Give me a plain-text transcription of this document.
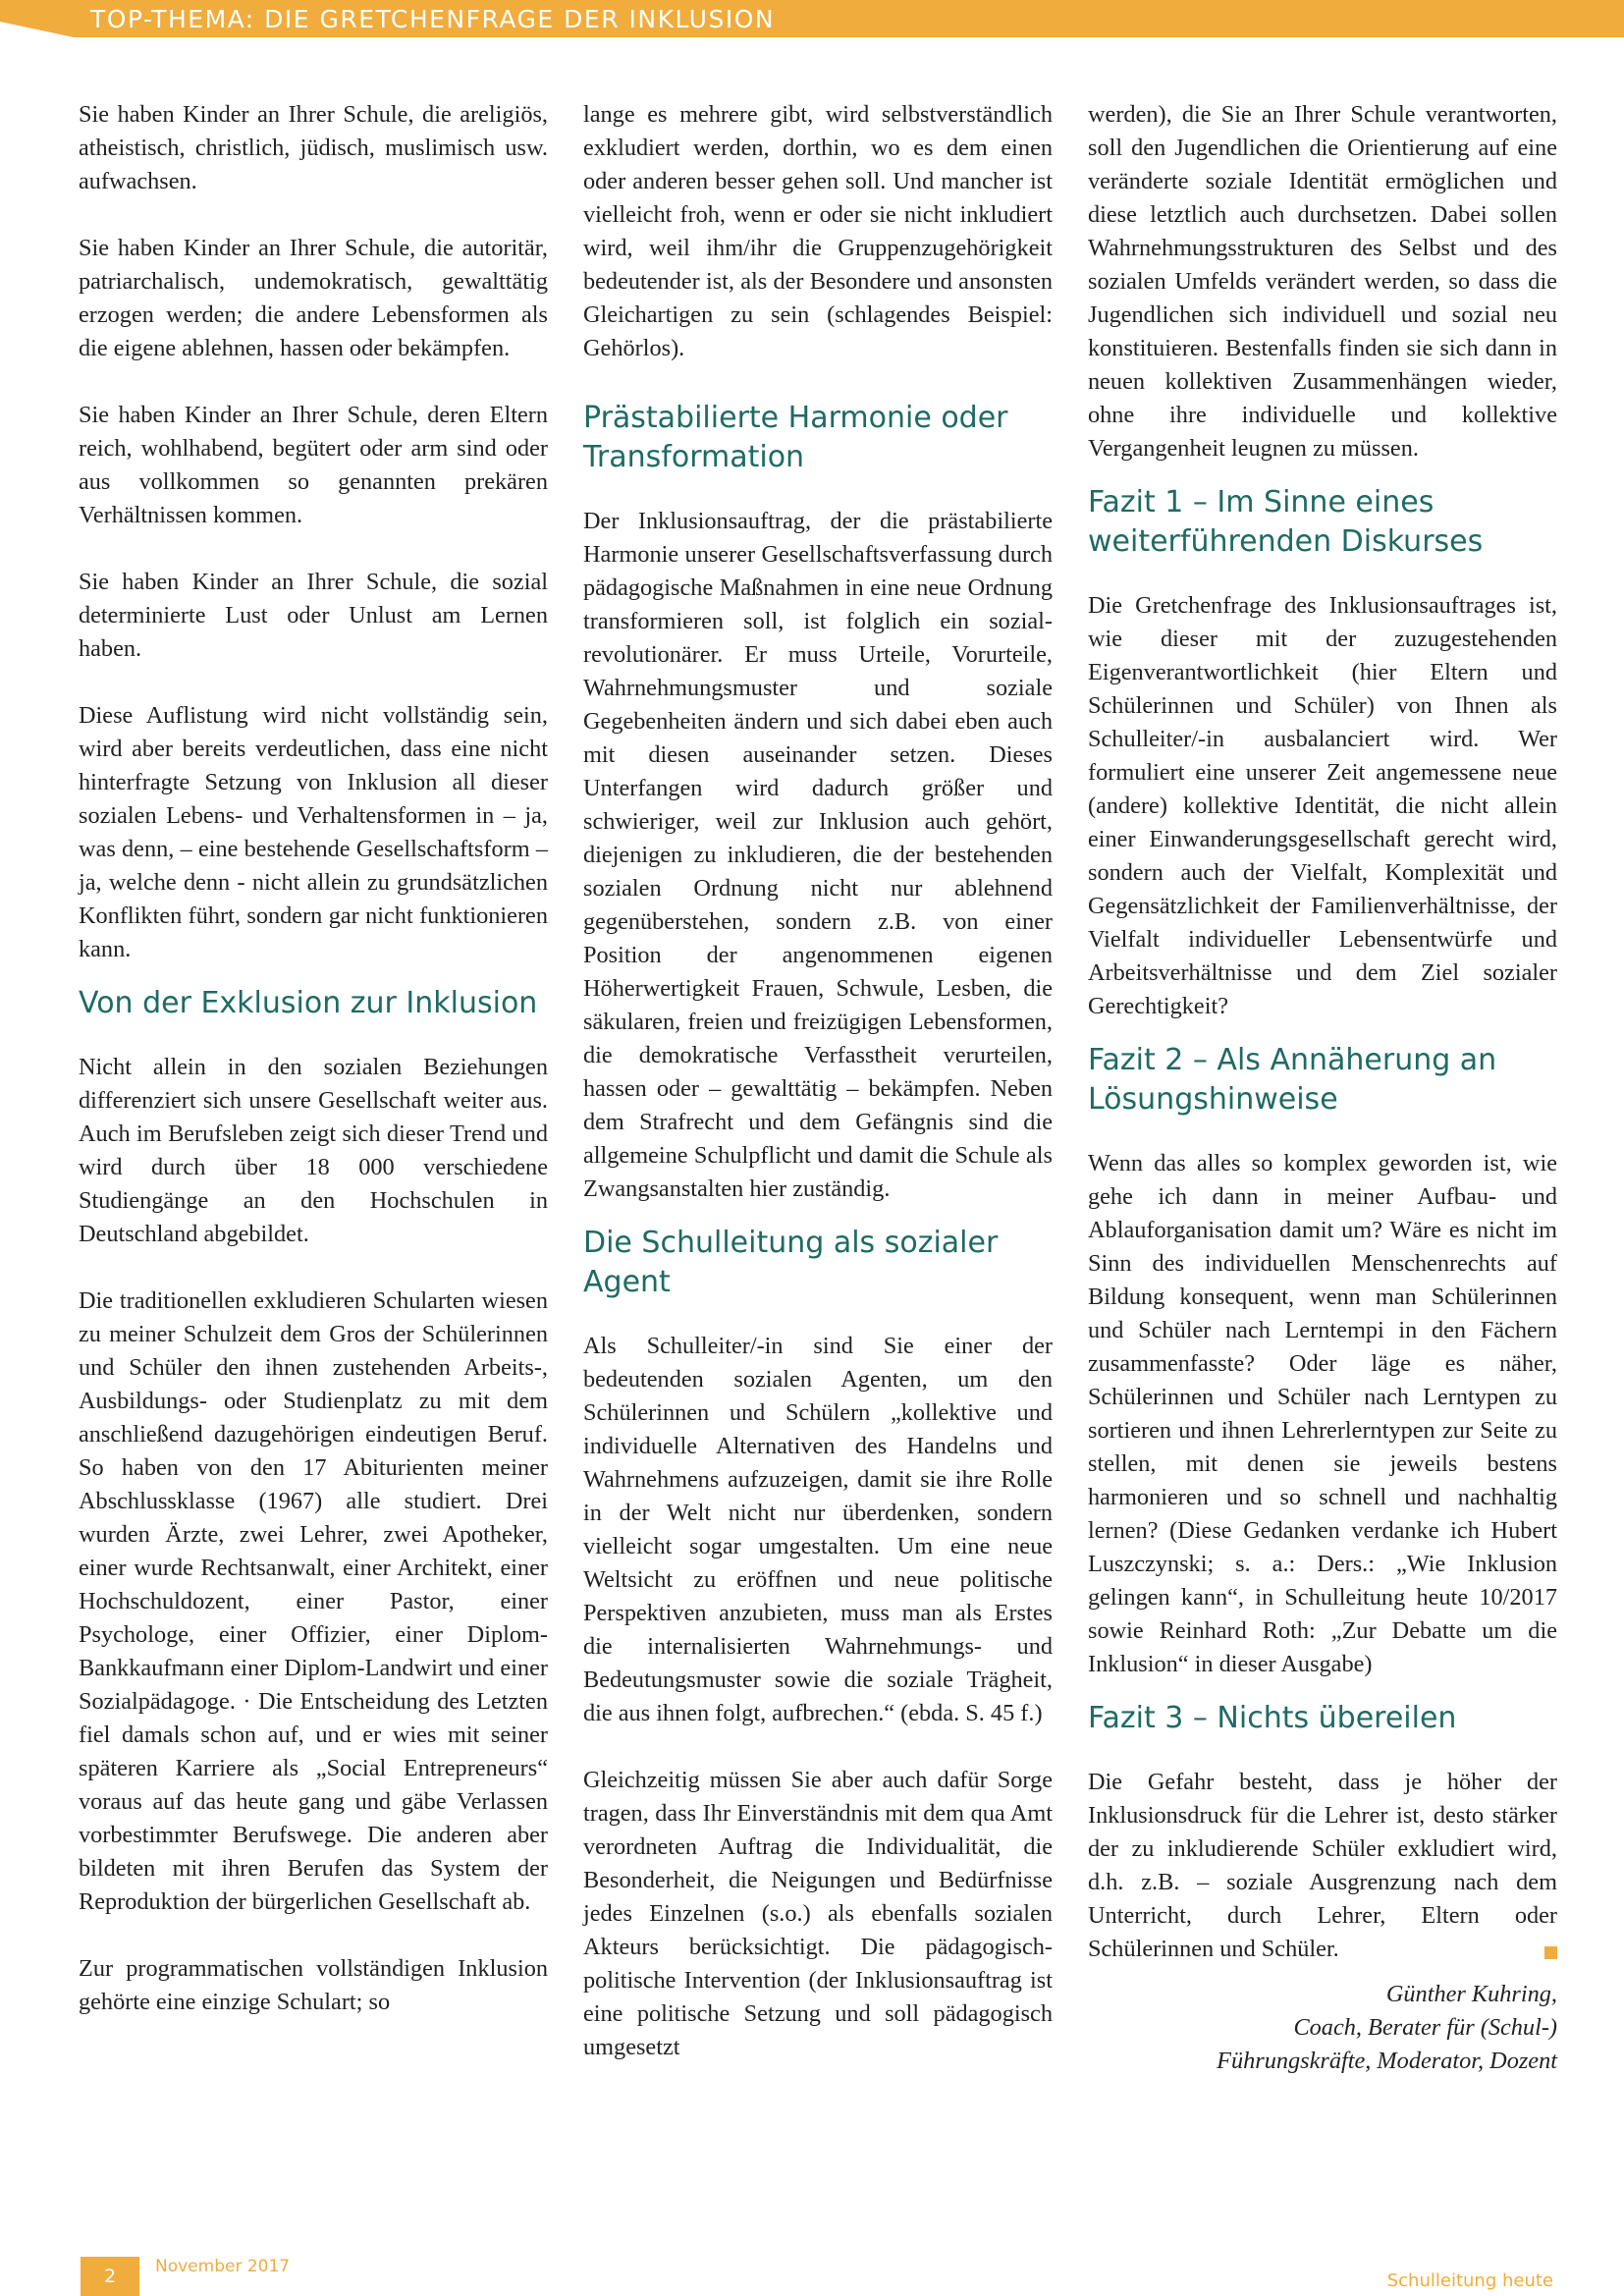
TOP-THEMA: DIE GRETCHENFRAGE DER INKLUSION

Sie haben Kinder an Ihrer Schule, die areligiös, atheistisch, christlich, jüdisch, muslimisch usw. aufwachsen.

Sie haben Kinder an Ihrer Schule, die autoritär, patriarchalisch, undemokratisch, gewalttätig erzogen werden; die andere Lebensformen als die eigene ablehnen, hassen oder bekämpfen.

Sie haben Kinder an Ihrer Schule, deren Eltern reich, wohlhabend, begütert oder arm sind oder aus vollkommen so genannten prekären Verhältnissen kommen.

Sie haben Kinder an Ihrer Schule, die sozial determinierte Lust oder Unlust am Lernen haben.

Diese Auflistung wird nicht vollständig sein, wird aber bereits verdeutlichen, dass eine nicht hinterfragte Setzung von Inklusion all dieser sozialen Lebens- und Verhaltensformen in – ja, was denn, – eine bestehende Gesellschaftsform – ja, welche denn - nicht allein zu grundsätzlichen Konflikten führt, sondern gar nicht funktionieren kann.

Von der Exklusion zur Inklusion

Nicht allein in den sozialen Beziehungen differenziert sich unsere Gesellschaft weiter aus. Auch im Berufsleben zeigt sich dieser Trend und wird durch über 18 000 verschiedene Studiengänge an den Hochschulen in Deutschland abgebildet.

Die traditionellen exkludieren Schularten wiesen zu meiner Schulzeit dem Gros der Schülerinnen und Schüler den ihnen zustehenden Arbeits-, Ausbildungs- oder Studienplatz zu mit dem anschließend dazugehörigen eindeutigen Beruf. So haben von den 17 Abiturienten meiner Abschlussklasse (1967) alle studiert. Drei wurden Ärzte, zwei Lehrer, zwei Apotheker, einer wurde Rechtsanwalt, einer Architekt, einer Hochschuldozent, einer Pastor, einer Psychologe, einer Offizier, einer Diplom-Bankkaufmann einer Diplom-Landwirt und einer Sozialpädagoge. · Die Entscheidung des Letzten fiel damals schon auf, und er wies mit seiner späteren Karriere als „Social Entrepreneurs“ voraus auf das heute gang und gäbe Verlassen vorbestimmter Berufswege. Die anderen aber bildeten mit ihren Berufen das System der Reproduktion der bürgerlichen Gesellschaft ab.

Zur programmatischen vollständigen Inklusion gehörte eine einzige Schulart; so

lange es mehrere gibt, wird selbstverständlich exkludiert werden, dorthin, wo es dem einen oder anderen besser gehen soll. Und mancher ist vielleicht froh, wenn er oder sie nicht inkludiert wird, weil ihm/ihr die Gruppenzugehörigkeit bedeutender ist, als der Besondere und ansonsten Gleichartigen zu sein (schlagendes Beispiel: Gehörlos).

Prästabilierte Harmonie oder Transformation

Der Inklusionsauftrag, der die prästabilierte Harmonie unserer Gesellschaftsverfassung durch pädagogische Maßnahmen in eine neue Ordnung transformieren soll, ist folglich ein sozial-revolutionärer. Er muss Urteile, Vorurteile, Wahrnehmungsmuster und soziale Gegebenheiten ändern und sich dabei eben auch mit diesen auseinander setzen. Dieses Unterfangen wird dadurch größer und schwieriger, weil zur Inklusion auch gehört, diejenigen zu inkludieren, die der bestehenden sozialen Ordnung nicht nur ablehnend gegenüberstehen, sondern z.B. von einer Position der angenommenen eigenen Höherwertigkeit Frauen, Schwule, Lesben, die säkularen, freien und freizügigen Lebensformen, die demokratische Verfasstheit verurteilen, hassen oder – gewalttätig – bekämpfen. Neben dem Strafrecht und dem Gefängnis sind die allgemeine Schulpflicht und damit die Schule als Zwangsanstalten hier zuständig.

Die Schulleitung als sozialer Agent

Als Schulleiter/-in sind Sie einer der bedeutenden sozialen Agenten, um den Schülerinnen und Schülern „kollektive und individuelle Alternativen des Handelns und Wahrnehmens aufzuzeigen, damit sie ihre Rolle in der Welt nicht nur überdenken, sondern vielleicht sogar umgestalten. Um eine neue Weltsicht zu eröffnen und neue politische Perspektiven anzubieten, muss man als Erstes die internalisierten Wahrnehmungs- und Bedeutungsmuster sowie die soziale Trägheit, die aus ihnen folgt, aufbrechen.“ (ebda. S. 45 f.)

Gleichzeitig müssen Sie aber auch dafür Sorge tragen, dass Ihr Einverständnis mit dem qua Amt verordneten Auftrag die Individualität, die Besonderheit, die Neigungen und Bedürfnisse jedes Einzelnen (s.o.) als ebenfalls sozialen Akteurs berücksichtigt. Die pädagogisch-politische Intervention (der Inklusionsauftrag ist eine politische Setzung und soll pädagogisch umgesetzt

werden), die Sie an Ihrer Schule verantworten, soll den Jugendlichen die Orientierung auf eine veränderte soziale Identität ermöglichen und diese letztlich auch durchsetzen. Dabei sollen Wahrnehmungsstrukturen des Selbst und des sozialen Umfelds verändert werden, so dass die Jugendlichen sich individuell und sozial neu konstituieren. Bestenfalls finden sie sich dann in neuen kollektiven Zusammenhängen wieder, ohne ihre individuelle und kollektive Vergangenheit leugnen zu müssen.

Fazit 1 – Im Sinne eines weiterführenden Diskurses

Die Gretchenfrage des Inklusionsauftrages ist, wie dieser mit der zuzugestehenden Eigenverantwortlichkeit (hier Eltern und Schülerinnen und Schüler) von Ihnen als Schulleiter/-in ausbalanciert wird. Wer formuliert eine unserer Zeit angemessene neue (andere) kollektive Identität, die nicht allein einer Einwanderungsgesellschaft gerecht wird, sondern auch der Vielfalt, Komplexität und Gegensätzlichkeit der Familienverhältnisse, der Vielfalt individueller Lebensentwürfe und Arbeitsverhältnisse und dem Ziel sozialer Gerechtigkeit?

Fazit 2 – Als Annäherung an Lösungshinweise

Wenn das alles so komplex geworden ist, wie gehe ich dann in meiner Aufbau- und Ablauforganisation damit um? Wäre es nicht im Sinn des individuellen Menschenrechts auf Bildung konsequent, wenn man Schülerinnen und Schüler nach Lerntempi in den Fächern zusammenfasste? Oder läge es näher, Schülerinnen und Schüler nach Lerntypen zu sortieren und ihnen Lehrerlerntypen zur Seite zu stellen, mit denen sie jeweils bestens harmonieren und so schnell und nachhaltig lernen? (Diese Gedanken verdanke ich Hubert Luszczynski; s. a.: Ders.: „Wie Inklusion gelingen kann“, in Schulleitung heute 10/2017 sowie Reinhard Roth: „Zur Debatte um die Inklusion“ in dieser Ausgabe)

Fazit 3 – Nichts übereilen

Die Gefahr besteht, dass je höher der Inklusionsdruck für die Lehrer ist, desto stärker der zu inkludierende Schüler exkludiert wird, d.h. z.B. – soziale Ausgrenzung nach dem Unterricht, durch Lehrer, Eltern oder Schülerinnen und Schüler.

Günther Kuhring,
Coach, Berater für (Schul-)
Führungskräfte, Moderator, Dozent
2	November 2017
Schulleitung heute
